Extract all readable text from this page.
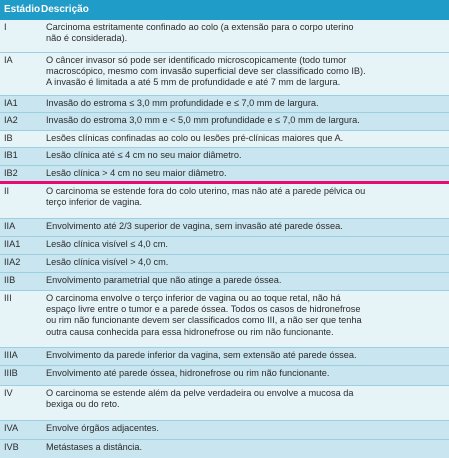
Estádio Descrição
I	Carcinoma estritamente confinado ao colo (a extensão para o corpo uterino
não é considerada).
IA	O câncer invasor só pode ser identificado microscopicamente (todo tumor
macroscópico, mesmo com invasão superficial deve ser classificado como IB).
A invasão é limitada a até 5 mm de profundidade e até 7 mm de largura.
IA1	Invasão do estroma ≤ 3,0 mm profundidade e ≤ 7,0 mm de largura.
IA2	Invasão do estroma 3,0 mm e < 5,0 mm profundidade e ≤ 7,0 mm de largura.
IB	Lesões clínicas confinadas ao colo ou lesões pré-clínicas maiores que A.
IB1	Lesão clínica até ≤ 4 cm no seu maior diâmetro.
IB2	Lesão clínica > 4 cm no seu maior diâmetro.
II	O carcinoma se estende fora do colo uterino, mas não até a parede pélvica ou
terço inferior de vagina.
IIA	Envolvimento até 2/3 superior de vagina, sem invasão até parede óssea.
IIA1	Lesão clínica visível ≤ 4,0 cm.
IIA2	Lesão clínica visível > 4,0 cm.
IIB	Envolvimento parametrial que não atinge a parede óssea.
III	O carcinoma envolve o terço inferior de vagina ou ao toque retal, não há
espaço livre entre o tumor e a parede óssea. Todos os casos de hidronefrose
ou rim não funcionante devem ser classificados como III, a não ser que tenha
outra causa conhecida para essa hidronefrose ou rim não funcionante.
IIIA	Envolvimento da parede inferior da vagina, sem extensão até parede óssea.
IIIB	Envolvimento até parede óssea, hidronefrose ou rim não funcionante.
IV	O carcinoma se estende além da pelve verdadeira ou envolve a mucosa da
bexiga ou do reto.
IVA	Envolve órgãos adjacentes.
IVB	Metástases a distância.
